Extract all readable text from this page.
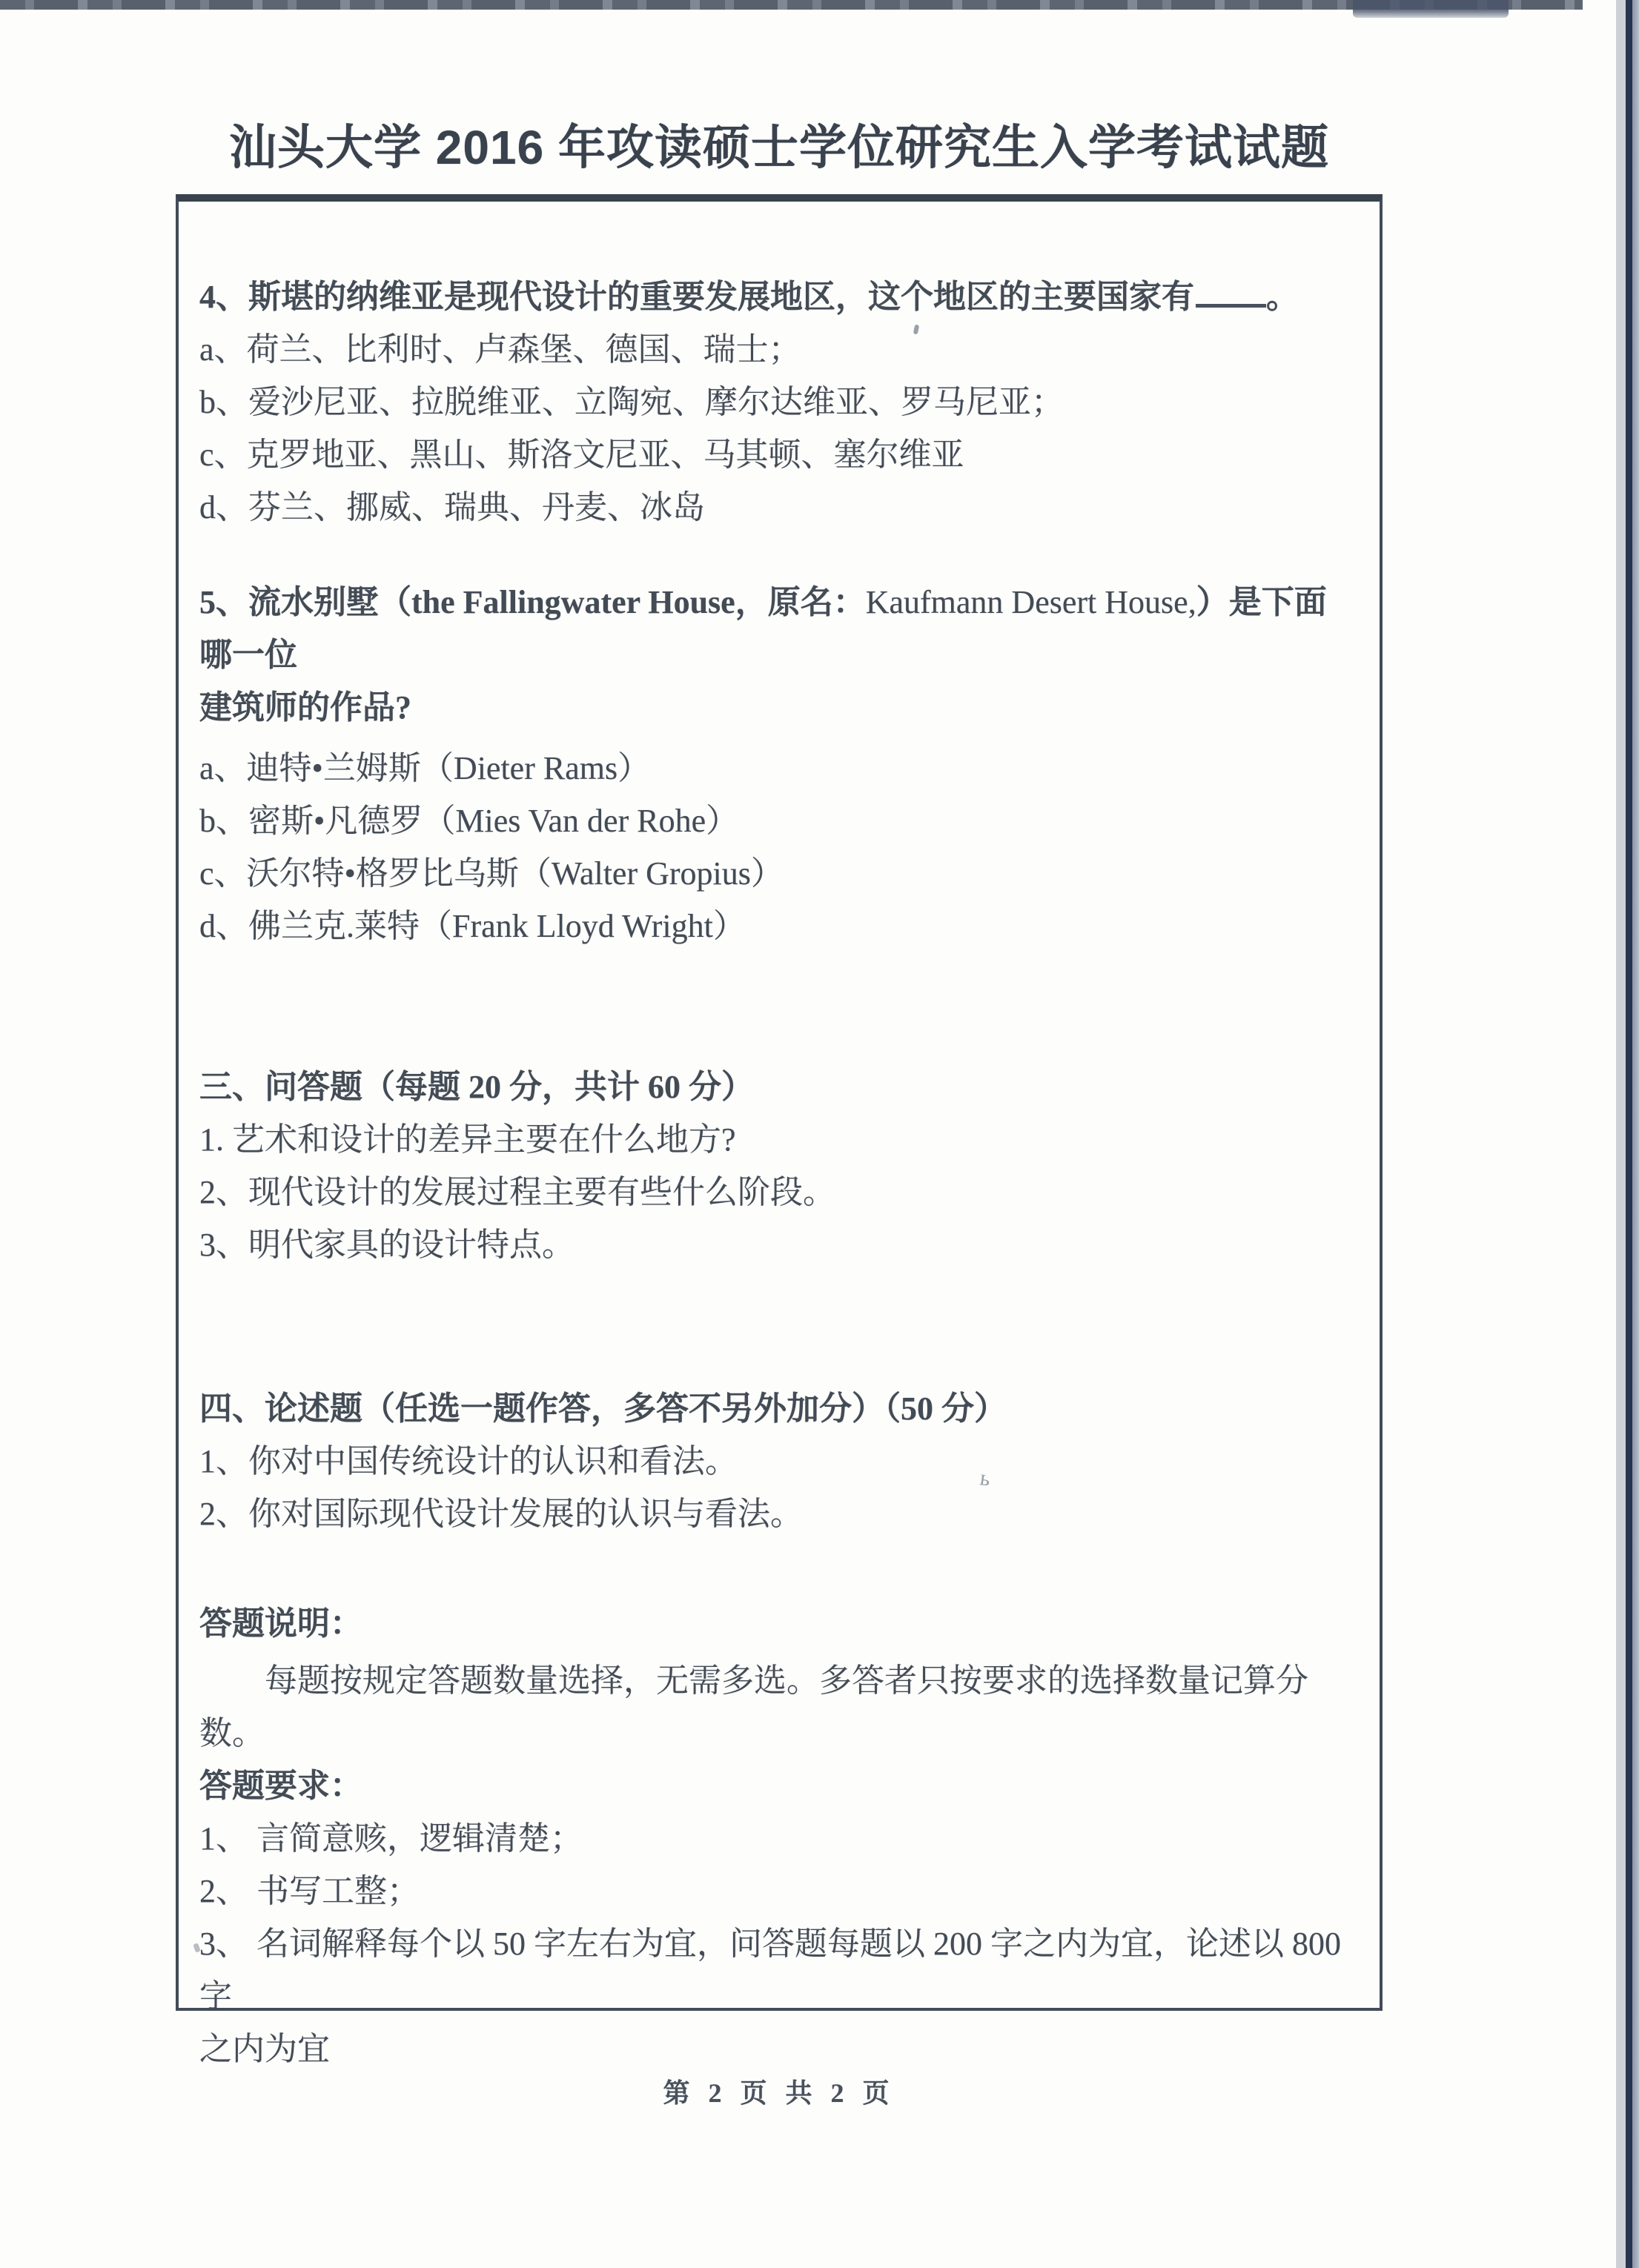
ь
汕头大学 2016 年攻读硕士学位研究生入学考试试题

4、斯堪的纳维亚是现代设计的重要发展地区，这个地区的主要国家有 。

a、荷兰、比利时、卢森堡、德国、瑞士；

b、爱沙尼亚、拉脱维亚、立陶宛、摩尔达维亚、罗马尼亚；

c、克罗地亚、黑山、斯洛文尼亚、马其顿、塞尔维亚

d、芬兰、挪威、瑞典、丹麦、冰岛

5、流水别墅（the Fallingwater House，原名：Kaufmann Desert House,）是下面哪一位

建筑师的作品?

a、迪特•兰姆斯（Dieter Rams）

b、密斯•凡德罗（Mies Van der Rohe）

c、沃尔特•格罗比乌斯（Walter Gropius）

d、佛兰克.莱特（Frank Lloyd Wright）

三、问答题（每题 20 分，共计 60 分）

1. 艺术和设计的差异主要在什么地方?

2、现代设计的发展过程主要有些什么阶段。

3、明代家具的设计特点。

四、论述题（任选一题作答，多答不另外加分）（50 分）

1、你对中国传统设计的认识和看法。

2、你对国际现代设计发展的认识与看法。

答题说明：

每题按规定答题数量选择，无需多选。多答者只按要求的选择数量记算分数。

答题要求：

1、 言简意赅，逻辑清楚；

2、 书写工整；

3、 名词解释每个以 50 字左右为宜，问答题每题以 200 字之内为宜，论述以 800 字

之内为宜

第 2 页 共 2 页
